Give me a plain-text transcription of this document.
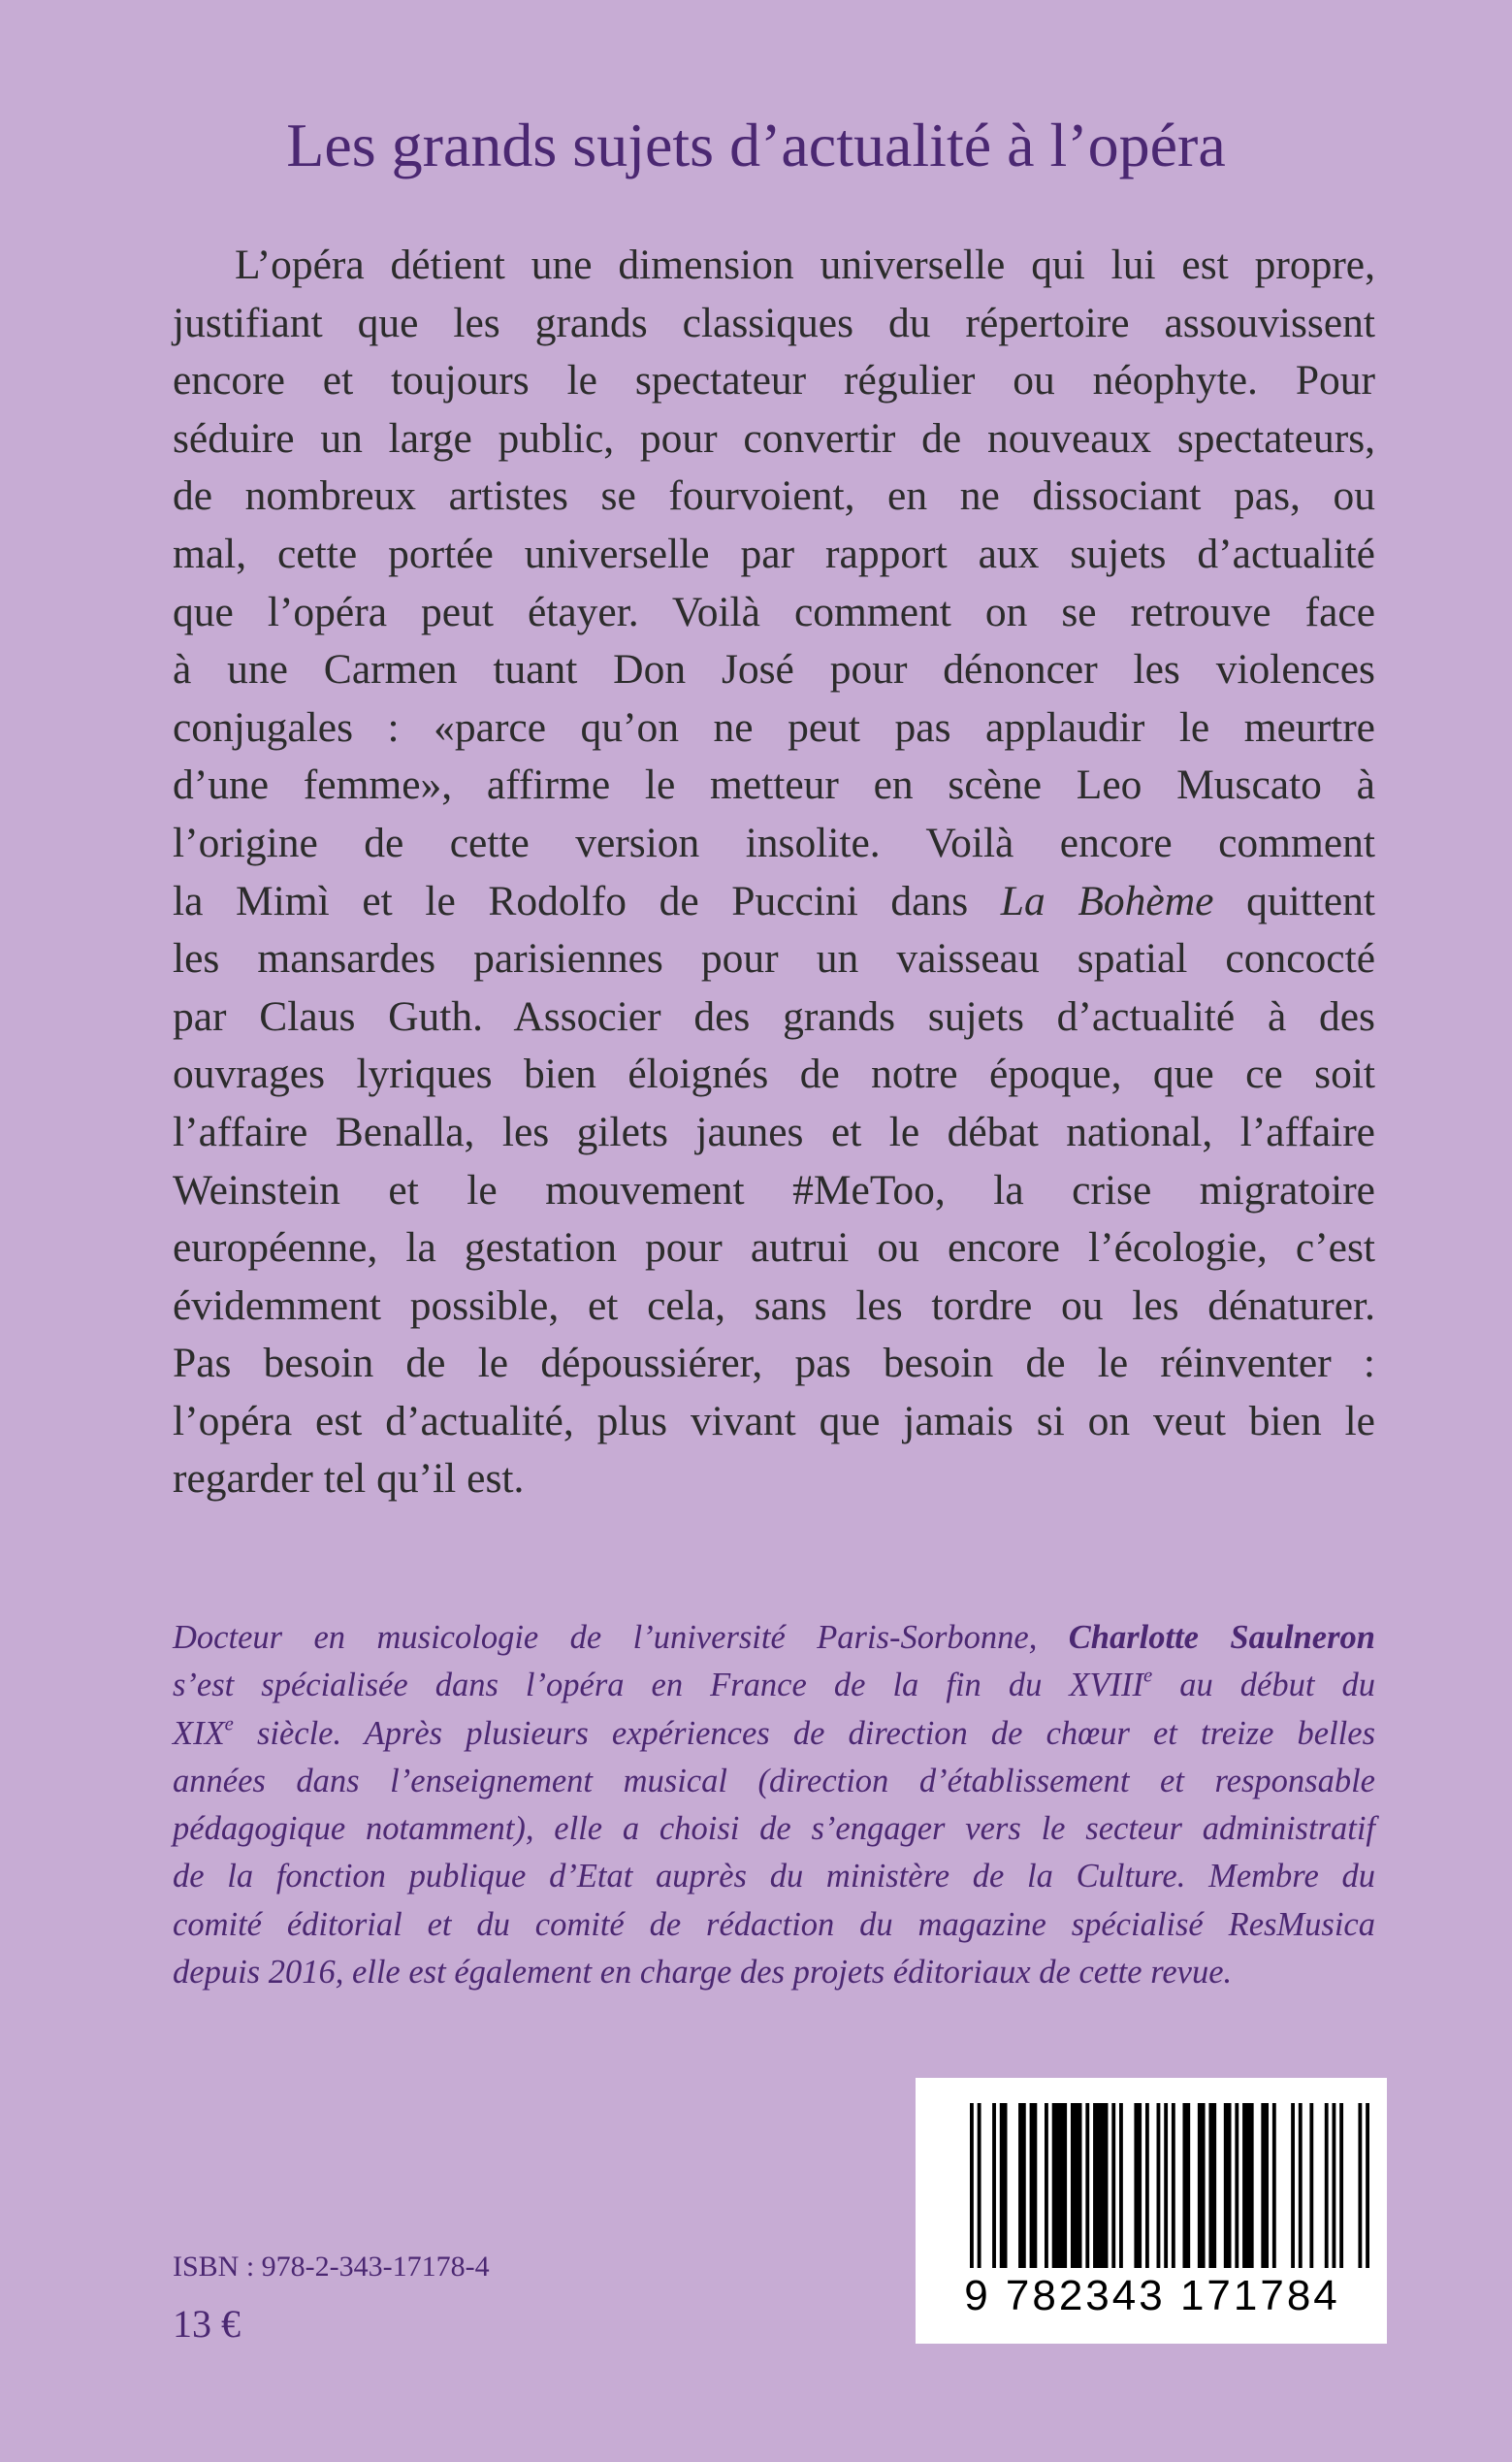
Les grands sujets d’actualité à l’opéra
L’opéra détient une dimension universelle qui lui est propre,
justifiant que les grands classiques du répertoire assouvissent
encore et toujours le spectateur régulier ou néophyte. Pour
séduire un large public, pour convertir de nouveaux spectateurs,
de nombreux artistes se fourvoient, en ne dissociant pas, ou
mal, cette portée universelle par rapport aux sujets d’actualité
que l’opéra peut étayer. Voilà comment on se retrouve face
à une Carmen tuant Don José pour dénoncer les violences
conjugales : «parce qu’on ne peut pas applaudir le meurtre
d’une femme», affirme le metteur en scène Leo Muscato à
l’origine de cette version insolite. Voilà encore comment
la Mimì et le Rodolfo de Puccini dans La Bohème quittent
les mansardes parisiennes pour un vaisseau spatial concocté
par Claus Guth. Associer des grands sujets d’actualité à des
ouvrages lyriques bien éloignés de notre époque, que ce soit
l’affaire Benalla, les gilets jaunes et le débat national, l’affaire
Weinstein et le mouvement #MeToo, la crise migratoire
européenne, la gestation pour autrui ou encore l’écologie, c’est
évidemment possible, et cela, sans les tordre ou les dénaturer.
Pas besoin de le dépoussiérer, pas besoin de le réinventer :
l’opéra est d’actualité, plus vivant que jamais si on veut bien le
regarder tel qu’il est.
Docteur en musicologie de l’université Paris-Sorbonne, Charlotte Saulneron
s’est spécialisée dans l’opéra en France de la fin du XVIIIe au début du
XIXe siècle. Après plusieurs expériences de direction de chœur et treize belles
années dans l’enseignement musical (direction d’établissement et responsable
pédagogique notamment), elle a choisi de s’engager vers le secteur administratif
de la fonction publique d’Etat auprès du ministère de la Culture. Membre du
comité éditorial et du comité de rédaction du magazine spécialisé ResMusica
depuis 2016, elle est également en charge des projets éditoriaux de cette revue.
ISBN : 978-2-343-17178-4
13 €
9 782343 171784
